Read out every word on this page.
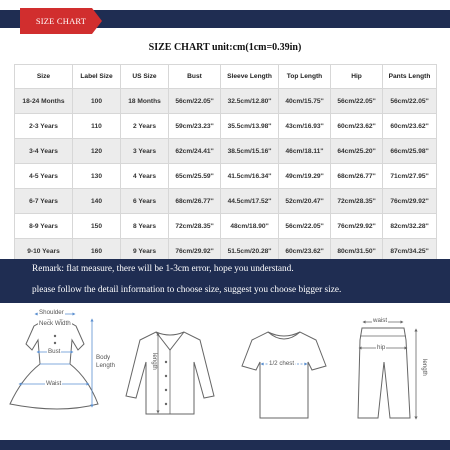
SIZE CHART
SIZE CHART unit:cm(1cm=0.39in)
Size	Label Size	US Size	Bust	Sleeve Length	Top Length	Hip	Pants Length
18-24 Months	100	18 Months	56cm/22.05''	32.5cm/12.80''	40cm/15.75''	56cm/22.05''	56cm/22.05''
2-3 Years	110	2 Years	59cm/23.23''	35.5cm/13.98''	43cm/16.93''	60cm/23.62''	60cm/23.62''
3-4 Years	120	3 Years	62cm/24.41''	38.5cm/15.16''	46cm/18.11''	64cm/25.20''	66cm/25.98''
4-5 Years	130	4 Years	65cm/25.59''	41.5cm/16.34''	49cm/19.29''	68cm/26.77''	71cm/27.95''
6-7 Years	140	6 Years	68cm/26.77''	44.5cm/17.52''	52cm/20.47''	72cm/28.35''	76cm/29.92''
8-9 Years	150	8 Years	72cm/28.35''	48cm/18.90''	56cm/22.05''	76cm/29.92''	82cm/32.28''
9-10 Years	160	9 Years	76cm/29.92''	51.5cm/20.28''	60cm/23.62''	80cm/31.50''	87cm/34.25''

Remark: flat measure, there will be 1-3cm error, hope you understand.

please follow the detail information to choose size, suggest you choose bigger size.

Shoulder
Neck Width
Bust
Body
Length
Waist
length	1/2 chest
waist
hip
length
